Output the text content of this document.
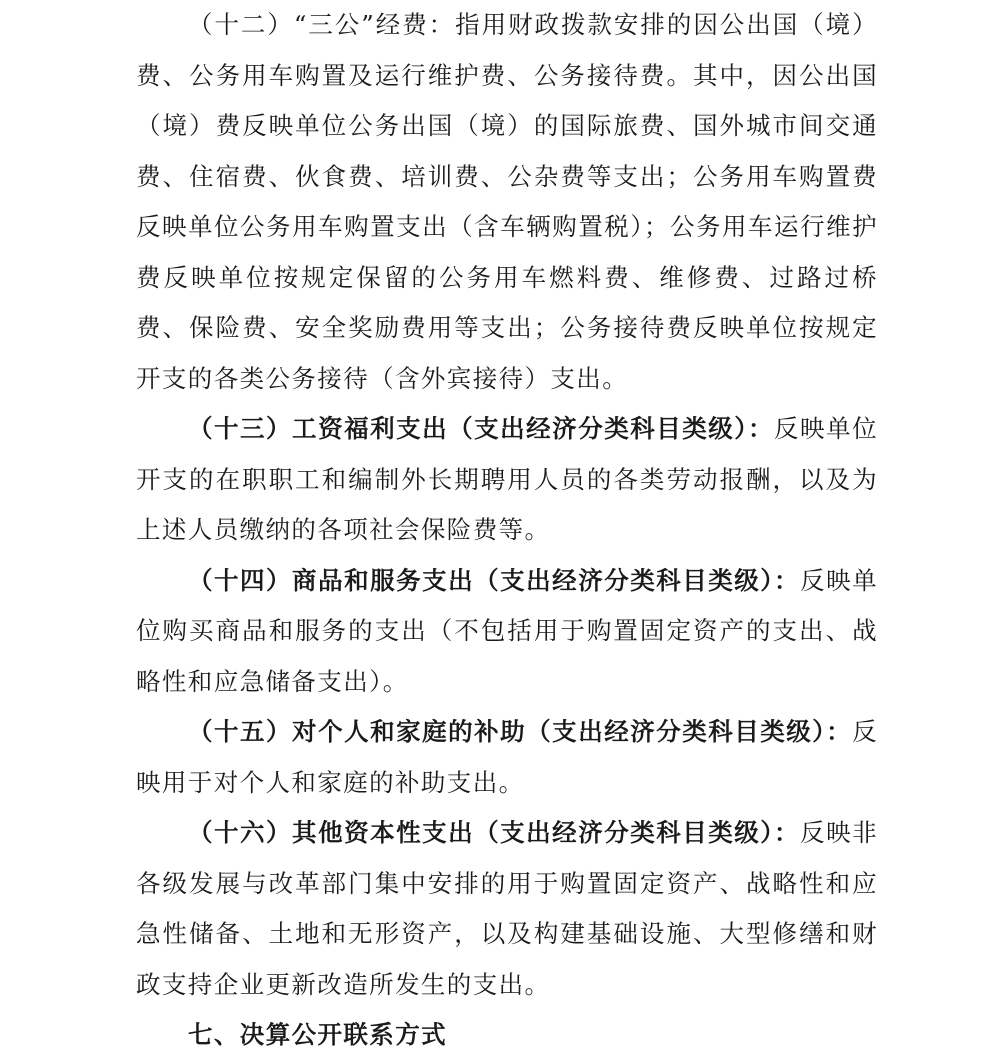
（十二）“三公”经费：指用财政拨款安排的因公出国（境）费、公务用车购置及运行维护费、公务接待费。其中，因公出国（境）费反映单位公务出国（境）的国际旅费、国外城市间交通费、住宿费、伙食费、培训费、公杂费等支出；公务用车购置费反映单位公务用车购置支出（含车辆购置税）；公务用车运行维护费反映单位按规定保留的公务用车燃料费、维修费、过路过桥费、保险费、安全奖励费用等支出；公务接待费反映单位按规定开支的各类公务接待（含外宾接待）支出。

（十三）工资福利支出（支出经济分类科目类级）：反映单位开支的在职职工和编制外长期聘用人员的各类劳动报酬，以及为上述人员缴纳的各项社会保险费等。

（十四）商品和服务支出（支出经济分类科目类级）：反映单位购买商品和服务的支出（不包括用于购置固定资产的支出、战略性和应急储备支出）。

（十五）对个人和家庭的补助（支出经济分类科目类级）：反映用于对个人和家庭的补助支出。

（十六）其他资本性支出（支出经济分类科目类级）：反映非各级发展与改革部门集中安排的用于购置固定资产、战略性和应急性储备、土地和无形资产，以及构建基础设施、大型修缮和财政支持企业更新改造所发生的支出。

七、决算公开联系方式
